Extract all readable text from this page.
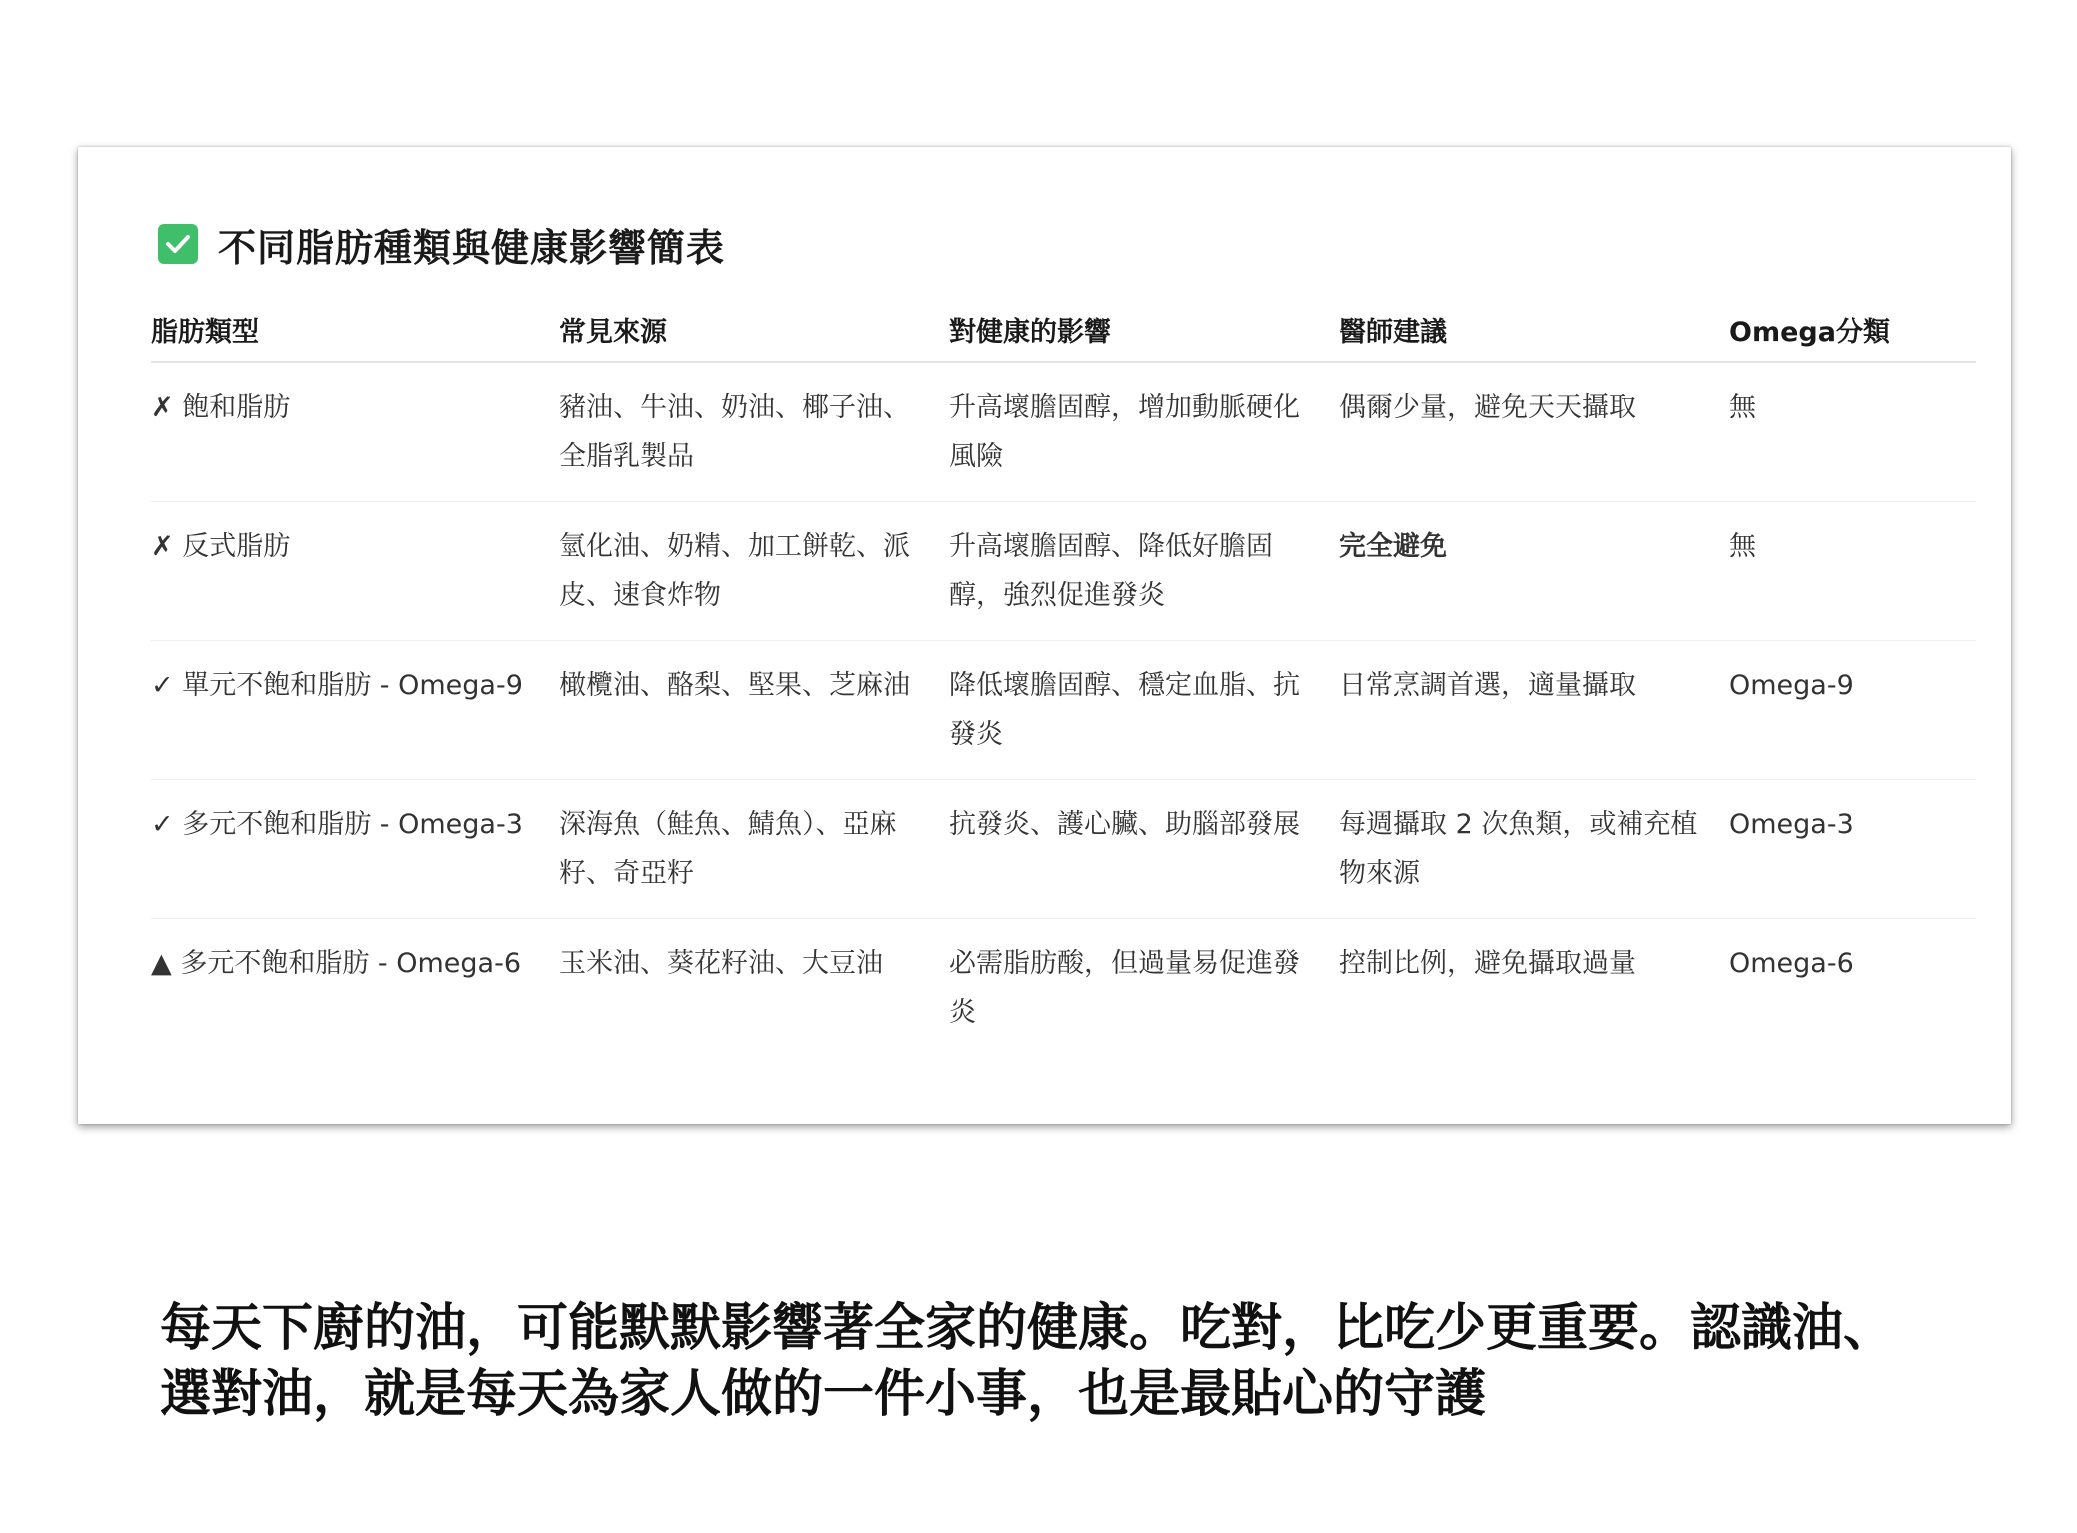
不同脂肪種類與健康影響簡表
脂肪類型	常見來源	對健康的影響	醫師建議	Omega分類
✗ 飽和脂肪	豬油、牛油、奶油、椰子油、全脂乳製品	升高壞膽固醇，增加動脈硬化風險	偶爾少量，避免天天攝取	無
✗ 反式脂肪	氫化油、奶精、加工餅乾、派皮、速食炸物	升高壞膽固醇、降低好膽固醇，強烈促進發炎	完全避免	無
✓ 單元不飽和脂肪 - Omega-9	橄欖油、酪梨、堅果、芝麻油	降低壞膽固醇、穩定血脂、抗發炎	日常烹調首選，適量攝取	Omega-9
✓ 多元不飽和脂肪 - Omega-3	深海魚（鮭魚、鯖魚）、亞麻籽、奇亞籽	抗發炎、護心臟、助腦部發展	每週攝取 2 次魚類，或補充植物來源	Omega-3
▲ 多元不飽和脂肪 - Omega-6	玉米油、葵花籽油、大豆油	必需脂肪酸，但過量易促進發炎	控制比例，避免攝取過量	Omega-6
每天下廚的油，可能默默影響著全家的健康。吃對，比吃少更重要。認識油、選對油，就是每天為家人做的一件小事，也是最貼心的守護
